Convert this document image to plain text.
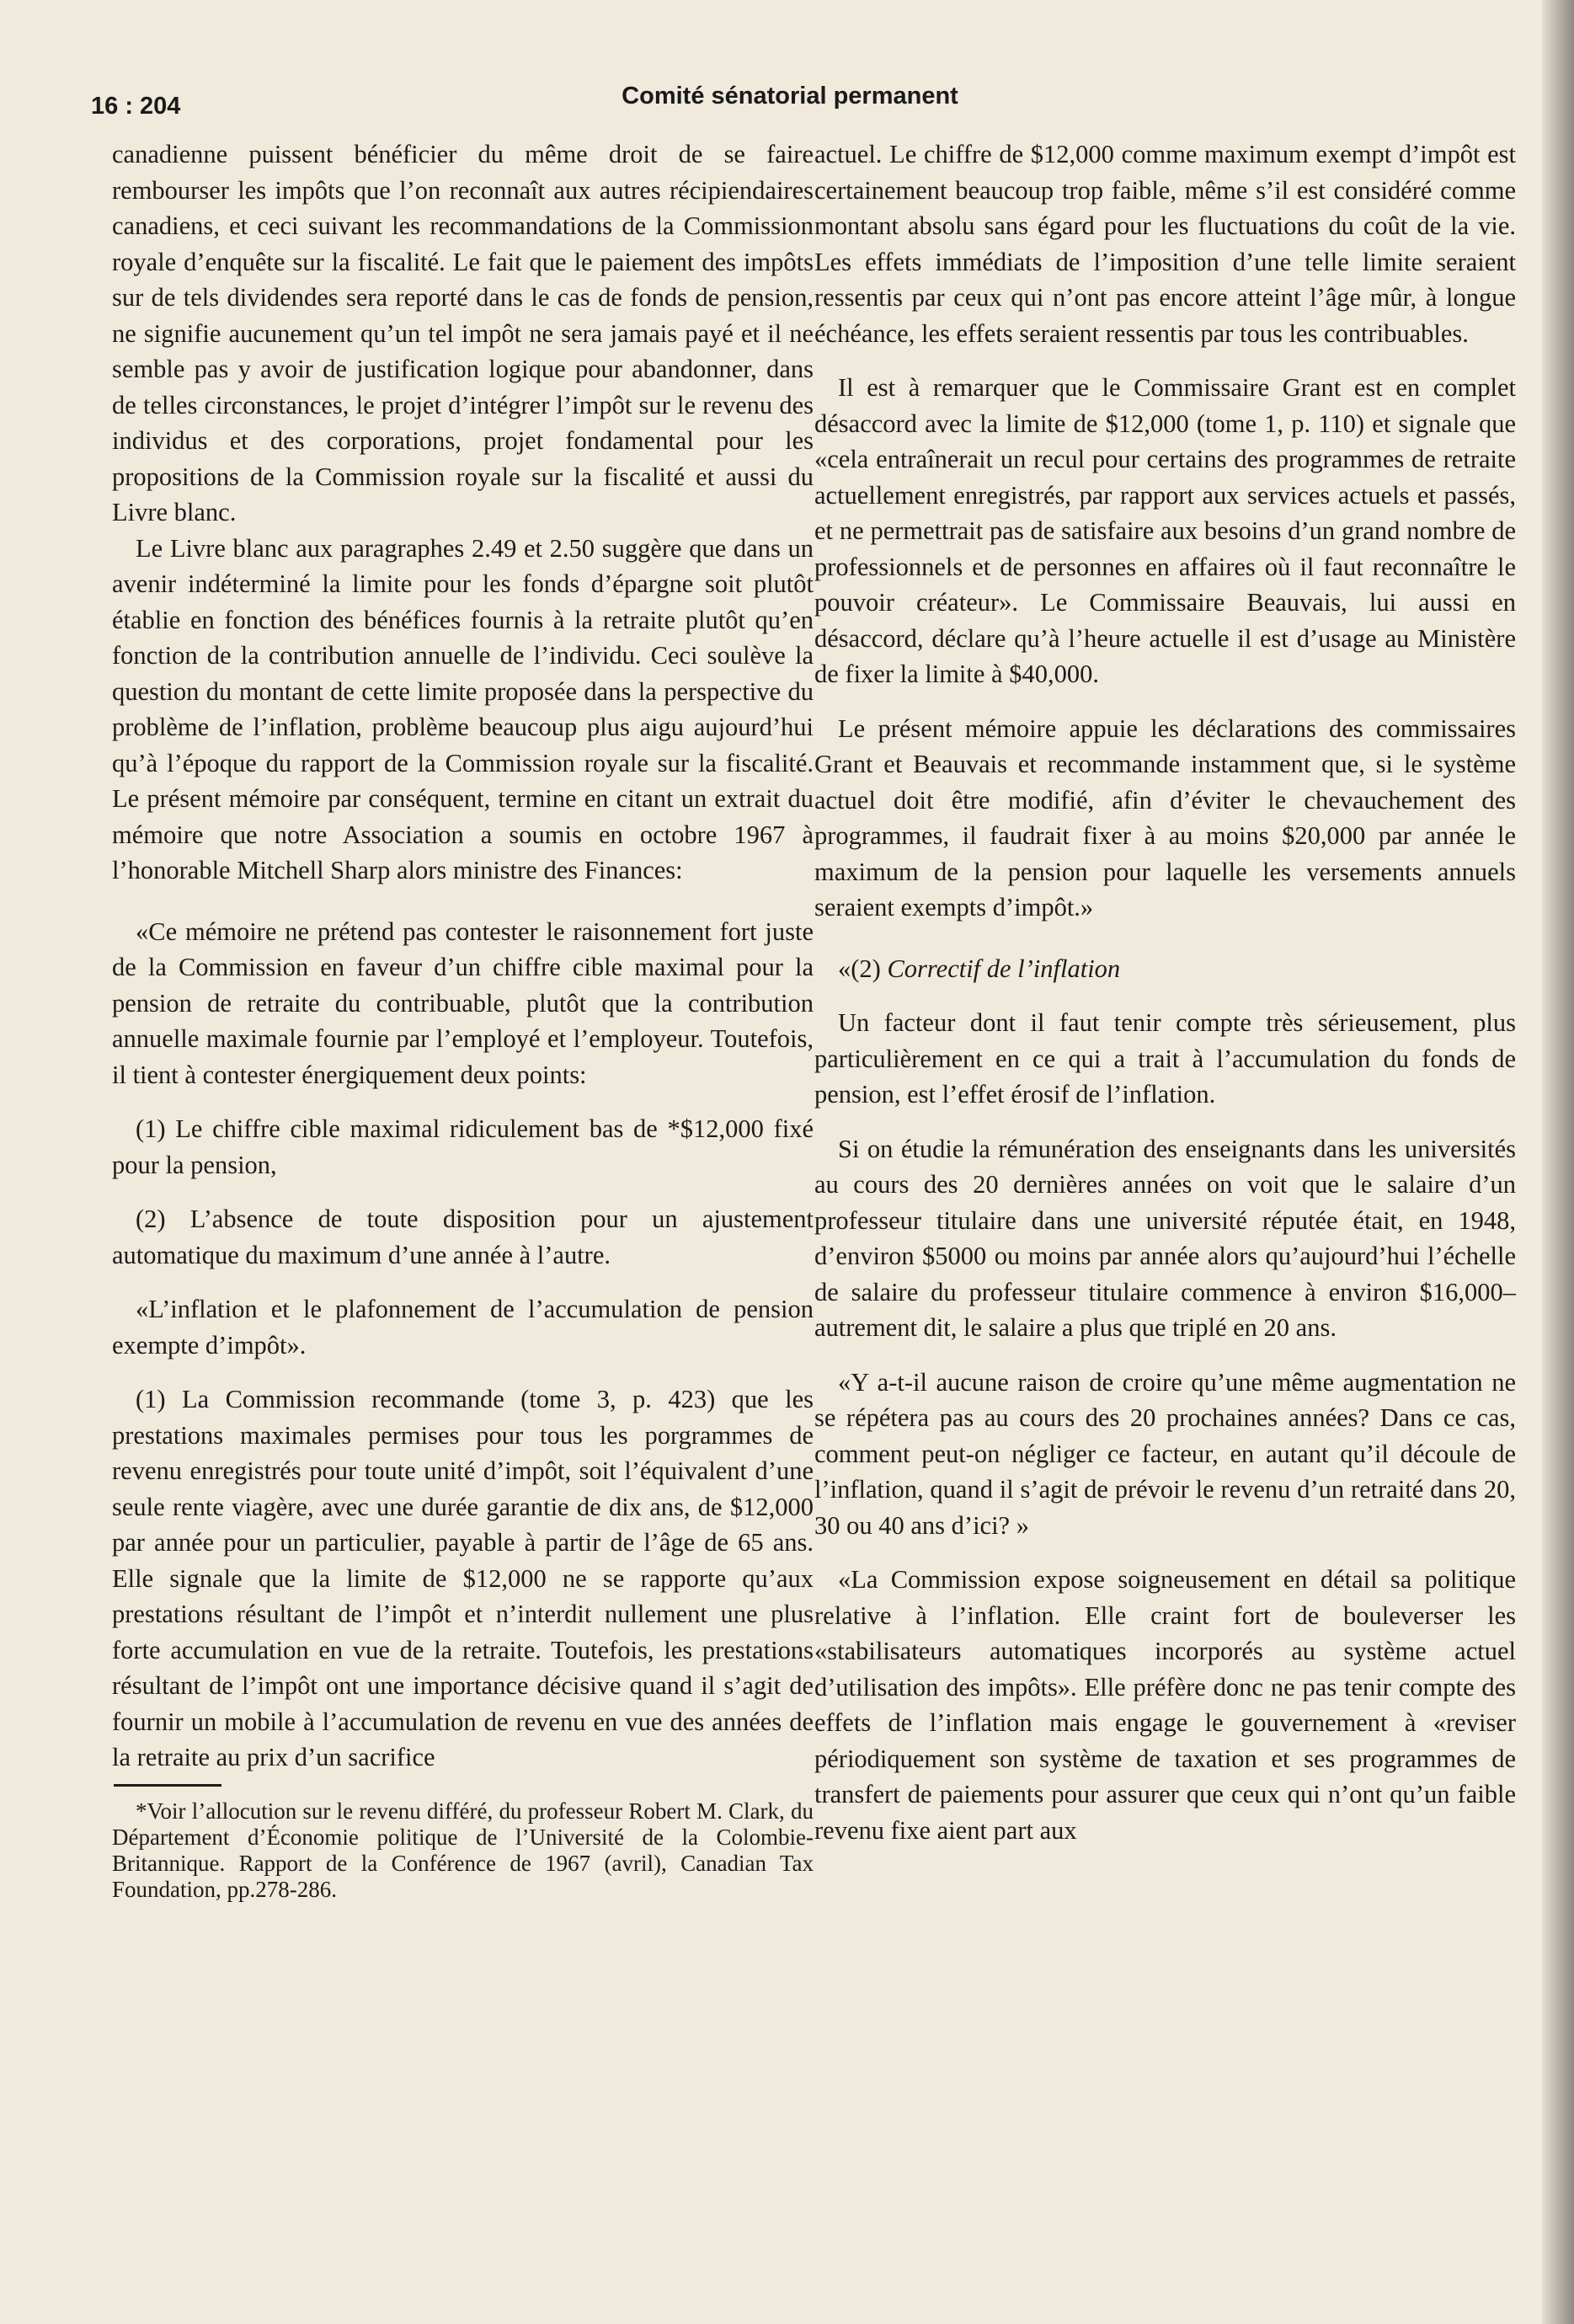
16 : 204	Comité sénatorial permanent

canadienne puissent bénéficier du même droit de se faire rembourser les impôts que l’on reconnaît aux autres récipiendaires canadiens, et ceci suivant les recommandations de la Commission royale d’enquête sur la fiscalité. Le fait que le paiement des impôts sur de tels dividendes sera reporté dans le cas de fonds de pension, ne signifie aucunement qu’un tel impôt ne sera jamais payé et il ne semble pas y avoir de justification logique pour abandonner, dans de telles circonstances, le projet d’intégrer l’impôt sur le revenu des individus et des corporations, projet fondamental pour les propositions de la Commission royale sur la fiscalité et aussi du Livre blanc.

Le Livre blanc aux paragraphes 2.49 et 2.50 suggère que dans un avenir indéterminé la limite pour les fonds d’épargne soit plutôt établie en fonction des bénéfices fournis à la retraite plutôt qu’en fonction de la contribution annuelle de l’individu. Ceci soulève la question du montant de cette limite proposée dans la perspective du problème de l’inflation, problème beaucoup plus aigu aujourd’hui qu’à l’époque du rapport de la Commission royale sur la fiscalité. Le présent mémoire par conséquent, termine en citant un extrait du mémoire que notre Association a soumis en octobre 1967 à l’honorable Mitchell Sharp alors ministre des Finances:

«Ce mémoire ne prétend pas contester le raisonnement fort juste de la Commission en faveur d’un chiffre cible maximal pour la pension de retraite du contribuable, plutôt que la contribution annuelle maximale fournie par l’employé et l’employeur. Toutefois, il tient à contester énergiquement deux points:

(1) Le chiffre cible maximal ridiculement bas de *$12,000 fixé pour la pension,

(2) L’absence de toute disposition pour un ajustement automatique du maximum d’une année à l’autre.

«L’inflation et le plafonnement de l’accumulation de pension exempte d’impôt».

(1) La Commission recommande (tome 3, p. 423) que les prestations maximales permises pour tous les porgrammes de revenu enregistrés pour toute unité d’impôt, soit l’équivalent d’une seule rente viagère, avec une durée garantie de dix ans, de $12,000 par année pour un particulier, payable à partir de l’âge de 65 ans. Elle signale que la limite de $12,000 ne se rapporte qu’aux prestations résultant de l’impôt et n’interdit nullement une plus forte accumulation en vue de la retraite. Toutefois, les prestations résultant de l’impôt ont une importance décisive quand il s’agit de fournir un mobile à l’accumulation de revenu en vue des années de la retraite au prix d’un sacrifice

*Voir l’allocution sur le revenu différé, du professeur Robert M. Clark, du Département d’Économie politique de l’Université de la Colombie-Britannique. Rapport de la Conférence de 1967 (avril), Canadian Tax Foundation, pp.278-286.

actuel. Le chiffre de $12,000 comme maximum exempt d’impôt est certainement beaucoup trop faible, même s’il est considéré comme montant absolu sans égard pour les fluctuations du coût de la vie. Les effets immédiats de l’imposition d’une telle limite seraient ressentis par ceux qui n’ont pas encore atteint l’âge mûr, à longue échéance, les effets seraient ressentis par tous les contribuables.

Il est à remarquer que le Commissaire Grant est en complet désaccord avec la limite de $12,000 (tome 1, p. 110) et signale que «cela entraînerait un recul pour certains des programmes de retraite actuellement enregistrés, par rapport aux services actuels et passés, et ne permettrait pas de satisfaire aux besoins d’un grand nombre de professionnels et de personnes en affaires où il faut reconnaître le pouvoir créateur». Le Commissaire Beauvais, lui aussi en désaccord, déclare qu’à l’heure actuelle il est d’usage au Ministère de fixer la limite à $40,000.

Le présent mémoire appuie les déclarations des commissaires Grant et Beauvais et recommande instamment que, si le système actuel doit être modifié, afin d’éviter le chevauchement des programmes, il faudrait fixer à au moins $20,000 par année le maximum de la pension pour laquelle les versements annuels seraient exempts d’impôt.»

«(2) Correctif de l’inflation

Un facteur dont il faut tenir compte très sérieusement, plus particulièrement en ce qui a trait à l’accumulation du fonds de pension, est l’effet érosif de l’inflation.

Si on étudie la rémunération des enseignants dans les universités au cours des 20 dernières années on voit que le salaire d’un professeur titulaire dans une université réputée était, en 1948, d’environ $5000 ou moins par année alors qu’aujourd’hui l’échelle de salaire du professeur titulaire commence à environ $16,000–autrement dit, le salaire a plus que triplé en 20 ans.

«Y a-t-il aucune raison de croire qu’une même augmentation ne se répétera pas au cours des 20 prochaines années? Dans ce cas, comment peut-on négliger ce facteur, en autant qu’il découle de l’inflation, quand il s’agit de prévoir le revenu d’un retraité dans 20, 30 ou 40 ans d’ici? »

«La Commission expose soigneusement en détail sa politique relative à l’inflation. Elle craint fort de bouleverser les «stabilisateurs automatiques incorporés au système actuel d’utilisation des impôts». Elle préfère donc ne pas tenir compte des effets de l’inflation mais engage le gouvernement à «reviser périodiquement son système de taxation et ses programmes de transfert de paiements pour assurer que ceux qui n’ont qu’un faible revenu fixe aient part aux
